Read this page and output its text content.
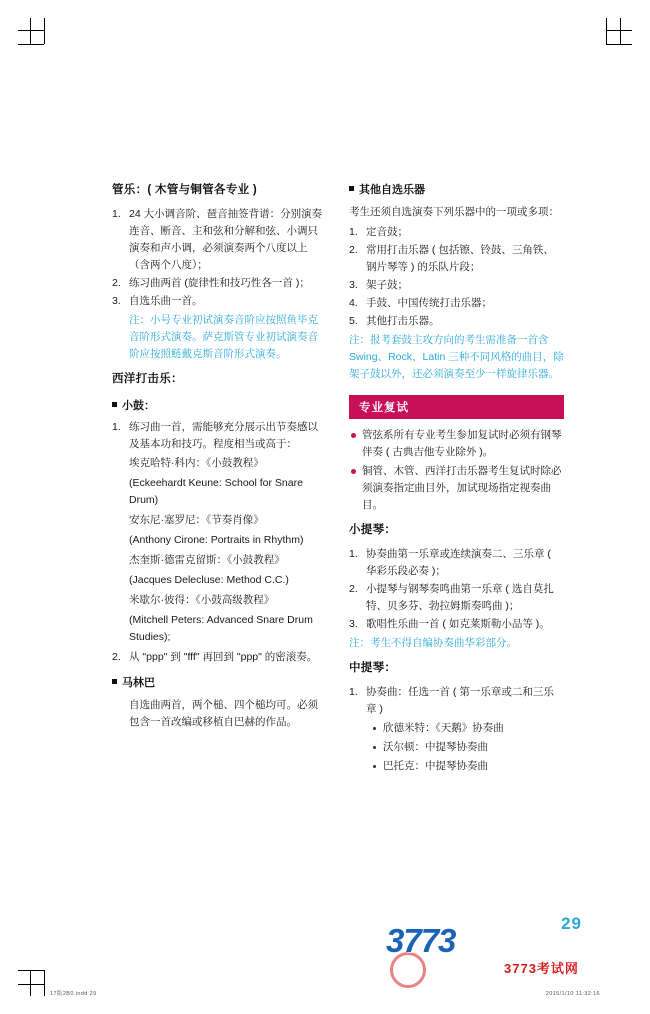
管乐：( 木管与铜管各专业 )
1. 24 大小调音阶、琶音抽签背谱：分别演奏连音、断音、主和弦和分解和弦、小调只演奏和声小调，必须演奏两个八度以上（含两个八度）；
2. 练习曲两首 (旋律性和技巧性各一首 )；
3. 自选乐曲一首。
注：小号专业初试演奏音阶应按照鱼毕克音阶形式演奏。萨克斯管专业初试演奏音阶应按照鲢戴克斯音阶形式演奏。
西洋打击乐：
小鼓：
1. 练习曲一首，需能够充分展示出节奏感以及基本功和技巧。程度相当或高于：

埃克哈特·科内：《小鼓教程》

(Eckeehardt Keune: School for Snare Drum)

安东尼·塞罗尼：《节奏肖像》

(Anthony Cirone: Portraits in Rhythm)

杰奎斯·德雷克留斯：《小鼓教程》

(Jacques Delecluse: Method C.C.)

米歇尔·彼得：《小鼓高级教程》

(Mitchell Peters: Advanced Snare Drum Studies);

2. 从 "ppp" 到 "fff" 再回到 "ppp" 的密滚奏。
马林巴

自选曲两首，两个槌、四个槌均可。必须包含一首改编或移植自巴赫的作品。

其他自选乐器

考生还须自选演奏下列乐器中的一项或多项：

1. 定音鼓；
2. 常用打击乐器 ( 包括镲、铃鼓、三角铁、钢片琴等 ) 的乐队片段；
3. 架子鼓；
4. 手鼓、中国传统打击乐器；
5. 其他打击乐器。
注：报考套鼓主攻方向的考生需准备一首含 Swing、Rock、Latin 三种不同风格的曲目，除架子鼓以外，还必须演奏至少一样旋律乐器。
专业复试
管弦系所有专业考生参加复试时必须有钢琴伴奏 ( 古典吉他专业除外 )。
铜管、木管、西洋打击乐器考生复试时除必须演奏指定曲目外，加试现场指定视奏曲目。
小提琴：
1. 协奏曲第一乐章或连续演奏二、三乐章 ( 华彩乐段必奏 )；
2. 小提琴与钢琴奏鸣曲第一乐章 ( 选自莫扎特、贝多芬、勃拉姆斯奏鸣曲 )；
3. 歌唱性乐曲一首 ( 如克莱斯勒小品等 )。
注：考生不得自编协奏曲华彩部分。
中提琴：
1. 协奏曲：任选一首 ( 第一乐章或二和三乐章 )
欣德米特：《天鹅》协奏曲
沃尔顿：中提琴协奏曲
巴托克：中提琴协奏曲
29
17版2B0.indd 29	2015/1/10 11:32:16
3773
3773考试网
